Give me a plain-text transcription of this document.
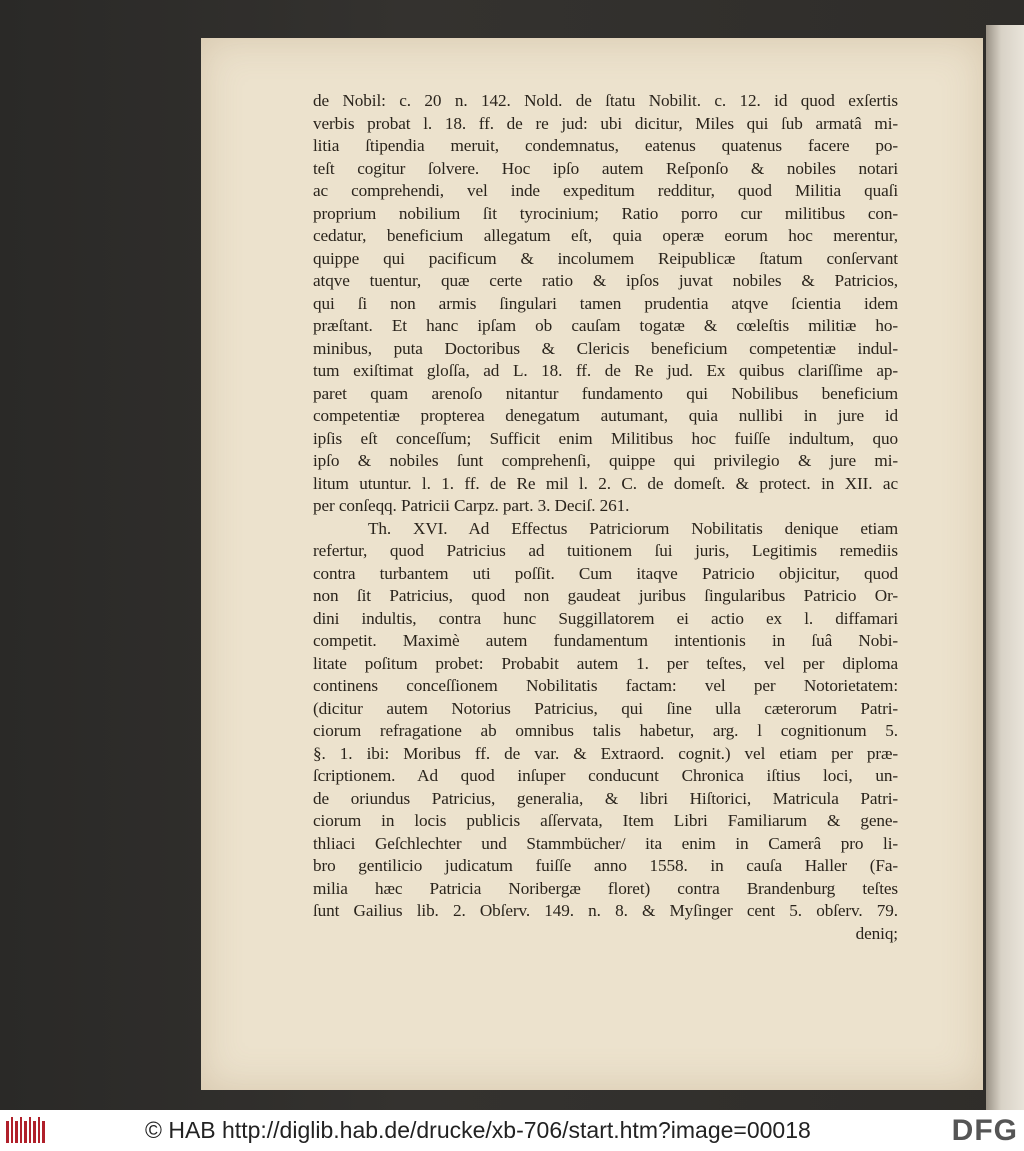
de Nobil: c. 20 n. 142. Nold. de ſtatu Nobilit. c. 12. id quod exſertis
verbis probat l. 18. ff. de re jud: ubi dicitur, Miles qui ſub armatâ mi-
litia ſtipendia meruit, condemnatus, eatenus quatenus facere po-
teſt cogitur ſolvere. Hoc ipſo autem Reſponſo & nobiles notari
ac comprehendi, vel inde expeditum redditur, quod Militia quaſi
proprium nobilium ſit tyrocinium; Ratio porro cur militibus con-
cedatur, beneficium allegatum eſt, quia operæ eorum hoc merentur,
quippe qui pacificum & incolumem Reipublicæ ſtatum conſervant
atqve tuentur, quæ certe ratio & ipſos juvat nobiles & Patricios,
qui ſi non armis ſingulari tamen prudentia atqve ſcientia idem
præſtant. Et hanc ipſam ob cauſam togatæ & cœleſtis militiæ ho-
minibus, puta Doctoribus & Clericis beneficium competentiæ indul-
tum exiſtimat gloſſa, ad L. 18. ff. de Re jud. Ex quibus clariſſime ap-
paret quam arenoſo nitantur fundamento qui Nobilibus beneficium
competentiæ propterea denegatum autumant, quia nullibi in jure id
ipſis eſt conceſſum; Sufficit enim Militibus hoc fuiſſe indultum, quo
ipſo & nobiles ſunt comprehenſi, quippe qui privilegio & jure mi-
litum utuntur. l. 1. ff. de Re mil l. 2. C. de domeſt. & protect. in XII. ac
per conſeqq. Patricii Carpz. part. 3. Deciſ. 261.
Th. XVI. Ad Effectus Patriciorum Nobilitatis denique etiam
refertur, quod Patricius ad tuitionem ſui juris, Legitimis remediis
contra turbantem uti poſſit. Cum itaqve Patricio objicitur, quod
non ſit Patricius, quod non gaudeat juribus ſingularibus Patricio Or-
dini indultis, contra hunc Suggillatorem ei actio ex l. diffamari
competit. Maximè autem fundamentum intentionis in ſuâ Nobi-
litate poſitum probet: Probabit autem 1. per teſtes, vel per diploma
continens conceſſionem Nobilitatis factam: vel per Notorietatem:
(dicitur autem Notorius Patricius, qui ſine ulla cæterorum Patri-
ciorum refragatione ab omnibus talis habetur, arg. l cognitionum 5.
§. 1. ibi: Moribus ff. de var. & Extraord. cognit.) vel etiam per præ-
ſcriptionem. Ad quod inſuper conducunt Chronica iſtius loci, un-
de oriundus Patricius, generalia, & libri Hiſtorici, Matricula Patri-
ciorum in locis publicis aſſervata, Item Libri Familiarum & gene-
thliaci Geſchlechter und Stammbücher/ ita enim in Camerâ pro li-
bro gentilicio judicatum fuiſſe anno 1558. in cauſa Haller (Fa-
milia hæc Patricia Noribergæ floret) contra Brandenburg teſtes
ſunt Gailius lib. 2. Obſerv. 149. n. 8. & Myſinger cent 5. obſerv. 79.
deniq;
© HAB http://diglib.hab.de/drucke/xb-706/start.htm?image=00018	DFG
